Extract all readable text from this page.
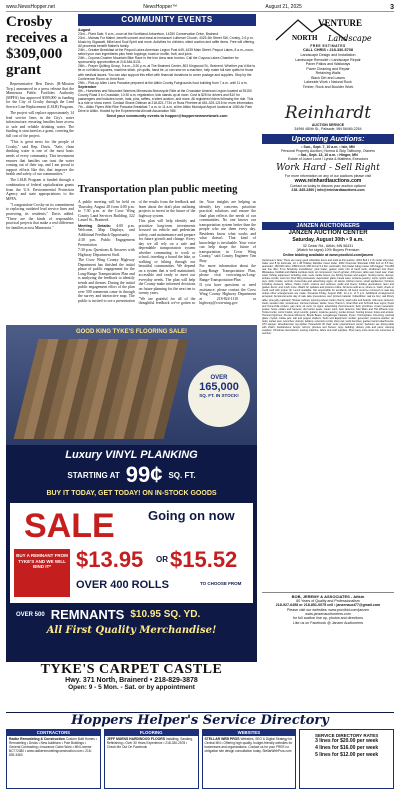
www.NewsHopper.net	NewsHopper™	August 21, 2025	3
Crosby receives a $309,000 grant

Representative Ben Davis (R-Mission Twp.) announced in a press release that the Minnesota Public Facilities Authority (MPFA) has approved $309,000 in funding for the City of Crosby through the Lead Service Line Replacement (LSLR) Program.

The project will replace approximately 14 lead service lines in the City's water infrastructure, ensuring families have access to safe and reliable drinking water. The funding is structured as a grant, covering the full cost of the project.

"This is great news for the people of Crosby," said Rep. Davis. "Safe, clean drinking water is one of the most basic needs of every community. This investment ensures that families can trust the water coming out of their tap, and I am proud to support efforts like this that improve the health and safety of our communities."

The LSLR Program is funded through a combination of federal capitalization grants from the U.S. Environmental Protection Agency and state appropriations to the MPFA.

"I congratulate Crosby on its commitment to replacing outdated lead service lines and protecting its residents," Davis added. "These are the kinds of responsible, practical projects that make a real difference for families across Minnesota."

COMMUNITY EVENTS
August
23rd – Plant Sale, 9 a.m.–noon at the Northland Arboretum, 14250 Conservation Drive, Brainerd.
23rd – Mamas For Mabel, benefit concert and meal at Immanuel Lutheran Church, 4025 4th Street SW, Crosby, 2-6 p.m. Music by Gigawatt, Mikel and Soul Spirit and more. Activities for children, silent auction and raffle items. Free will offering. All proceeds benefit Mabel's family.
24th – Greater Breakfast at the Pequot Lakes American Legion Post #49, 4435 Main Street, Pequot Lakes, 8 a.m.–noon, select your own ingredients plus fresh toppings, toast or muffin, fruit, and juice.
24th – Cuyuna Crusher Mountain Bike Race in the Iron Area near Ironton. Call the Cuyuna Lakes Chamber for sponsorship opportunities at 218-546-8131.
26th – Prayer Quilting Group, 9 a.m.–3:30 p.m. at The Brainerd Center, 803 Kingwood St., Brainerd. Whether you'd like to tie or cut fabric squares, machine stitch, pin quilts, hand tie, or can sew on a machine, help make full size quilts for those with medical issues. You can also support this effort with financial donations to cover postage and supplies. Stop by the Conference Room on third floor.
29th – Pick-up Allen Lions Pancake prepared at the Aitkin County Fairgrounds food building from 7 a.m. until 11 a.m.
September
6th – Horseless and Wounded Warriors Minnesota Motorcycle Ride at the Crosslake American Legion located at 35150 County Road 3 in Crosslake, 10:30 a.m. registration, kick stands up at noon. Cost is $25 for drivers and $10 for passengers and includes lunch, hats, pins, raffles, a silent auction, and more. All registered riders following the ride. This is a ride or show event. Contact Shane Dittman at 218-821-7734 or Russ Pinetree at 651-329-1215 for more information.
7th – Aitkin Flyers Wild Rice Pancake Breakfast 7 a.m. to 11 a.m. at the Aitkin Municipal Airport located at 1080 Air Park Drive in Aitkin. Hosted by the Experimental Aircraft Association 965.
Send your community events to hopper@hoppernewsnetwork.com
Transportation plan public meeting

A public meeting will be held on Thursday, August 28 from 4:00 p.m. to 7:30 p.m. at the Crow Wing County Land Services Building, 322 Laurel St., Brainerd.

Meeting Details: 4:00 p.m. Welcome, Map Displays, and Additional Feedback Opportunity

4:30 p.m. Public Engagement Presentation

7:30 p.m. Questions & Answers with Highway Department Staff.

The Crow Wing County Highway Department has finished the initial phase of public engagement for the Long-Range Transportation Plan and is analyzing the feedback to identify trends and themes. During the initial public engagement effort of the plan over 500 comments came in through the survey and interactive map. The public is invited to see a presentation of the results from the feedback and learn about the draft plan outlining projects to invest in the future of the highway system.

This plan will help identify and prioritize long-term investments focused on vehicle and pedestrian safety, road maintenance and prepare for future growth and change. Every day we all rely on a safe and dependable transportation system whether commuting to work or school, traveling a board the lake, or walking or biking through our beautiful communities. We depend on a system that is well maintained, accessible and ready to meet our everyday needs. The plan will help the County make informed decisions on future planning for the next ten to twenty years.

"We are grateful for all of the thoughtful feedback we've gotten so far. Your insights are helping us identify key concerns, prioritize practical solutions and ensure the final plan reflects the needs of our communities. No one knows our transportation system better than the people who use them every day. Residents know what works and what doesn't. That kind of knowledge is invaluable. Your voice can help shape the future of transportation in Crow Wing County," said County Engineer Tim Bray.

For more information about the Long-Range Transportation Plan, please visit crowwing.us/Long-Range-Transportation-Plan

If you have questions or need assistance, please contact the Crow Wing County Highway Department at 218-824-1110 or highway@crowwing.gov

VENTURE
NORTH Landscape
FREE ESTIMATES
CALL CHRIS • 218-330-5708
Landscape Design and Installation
Landscape Remodel • Landscape Repair
Paver Patios and Walkways
Paver Cleaning and Repair
Retaining Walls
Black Dirt and Lawns
Lakeside Work • Natural Rock
Timber, Rock and Boulder Work
Reinhardt
AUCTION SERVICE
34996 480th St., Palisade, MN 56469-2254
Upcoming Auctions:
• Sun., Sept. 7, 10 a.m. • Isle, MN
Personal Property Auction | Norma & Skip Tallbump, Owners
• Sat., Sept. 13, 10 a.m. • Hinger, MN
Estate of Joann Lund / Lynda & Matthew, Executors
Work Hard - Sell Right
For more information on any of our auctions please visit
www.reinhardtauctions.com
Contact us today to discuss your auction options!
218- 845-2360 | info@reinhardtauctions.com
JANZEN AUCTIONEERS
JANZEN AUCTION CENTER
Saturday, August 30th • 9 a.m.
32 Cedar Rd., Aitkin, MN 56431
(Watch for signs) 10% Buyers Premium
Online bidding available at www.proxibid.com/janzen
Auctioneer's Note: There are many good collectible items and tools at this auction. 2016 Bull 1 2 ch cedar strip boat, trailer and 8 hp Evinrude, 42 x 48 Holiday Rambler travel trailer, 2002 Chevrolet Silverado 1500 4x4 w/ 5.3 liter, automatic, 150,000 miles; 1999 Ford F-150 4x4 w/ 5.4 liter, automatic; Cub Cadet riding mower with bagger; Troy-Bilt rear tine tiller; 8 hp Simplicity snowblower; yard trailer; garden tools; lots of hand tools; Craftsman tool chest; Milwaukee, DeWalt and Makita cordless tools; air compressor; bench grinder; drill press; table saw; band saw; chain saws; fishing equipment including rods, reels, tackle boxes, ice fishing houses and augers; hunting items; decoys; antique crocks; cast iron; Red Wing stoneware; depression glass; Fiesta ware; costume jewelry; coins; sports cards; toys; dolls; books; records; Coca-Cola and advertising signs; oil lamps; kitchen items; small appliances; furniture including dressers, tables, chairs, hutch, rockers and recliners; quilts and linens; holiday decorations; lawn and garden décor; and much more. Watch for updates and pictures online. All items sold as is, where is. Cash, check or credit card with proper ID. Lunch available. Not responsible for accidents. All items must be removed on sale day unless other arrangements are made. Previews Friday, August 29th, 12 p.m. to 5 p.m. Additional consignments accepted. Announcements day of sale take precedence over printed material. Collectibles: oak ice box; oak library table; pine jelly cupboard; Hoosier cabinet; spinning wheel; butter churns; wash tubs and boards; milk cans; lanterns; sleds; wooden skis; snowshoes; minnow buckets; tackle; lures; Hamm's, Grain Belt and Schmidt beer signs; Pepsi and Coca-Cola coolers; gas cans; oil cans; tin signs; advertising thermometers; farm primitives; cream separator; scales; horse collars and harness; old tractor seats; cream cans; barn lanterns; Star Wars and Hot Wheels toys; Tonka trucks; comic books; vinyl records; guitars; costume jewelry; pocket knives; hunting knives; bows and arrows; Hummel figurines; Precious Moments; Boyds Bears; Longaberger baskets; Pyrex; Corningware; Fire-King; carnival glass; crystal; cookie jars; salt and pepper shakers. Tools and Equipment: welder; generator; pressure washer; air tools; socket sets; wrenches; clamps; ladders; extension cords; shop vac; work benches; garden tractor attachments; ATV sprayer; wheelbarrows; log splitter. Household: lift chair; sofa; entertainment center; bedroom set; dining table with chairs; bookshelves; lamps; mirrors; pictures and frames; rugs; bedding; dishes; pots and pans; canning supplies; Christmas decorations; sewing machine; fabric and craft supplies. Plus many more items too numerous to mention.
BOB, JEREMY & ASSOCIATES - Aitkin
80 Years of Quality and Professionalism
218-927-6458 or 218-851-0075 cell • janzenauct77@gmail.com
Please visit our websites: www.proxibid.com/janzen
www.janzenauctioneers.com
for full auction line up, photos and directions
Like us on Facebook @ Janzen Auctioneers
GOOD KING TYKE'S FLOORING SALE!
OVER
165,000
SQ. FT. IN STOCK!
Luxury VINYL PLANKING
STARTING AT 99¢ SQ. FT.
BUY IT TODAY, GET TODAY! ON IN-STOCK GOODS
SALE	Going on now
BUY A REMNANT FROM TYKE'S AND WE WILL BIND IT*	$13.95 OR $15.52
OVER 400 ROLLS	TO CHOOSE FROM
OVER 500 REMNANTS $10.95 SQ. YD.
All First Quality Merchandise!
TYKE'S CARPET CASTLE
Hwy. 371 North, Brainerd • 218-829-3878
Open: 9 - 5 Mon. - Sat. or by appointment
Hoppers Helper's Service Directory
CONTRACTORS
Radke Remodeling & Construction Custom Built Homes • Remodeling • Decks • New Additions • Pole Buildings • General Contracting • Insurance Claim Work • MN License BC772380 • www.radkeremodelingconstruction.com • 218-839-3483
FLOORING
JEFF MUENS HARDWOOD FLOORS Installing, Sanding, Refinishing • Over 30 Years Experience • 218-330-2578 • Check Me Out On Facebook
WEBSITES
STELLAR WEB PROS Websites, SEO & Digital Strategy for Central MN • Offering high quality, budget-friendly websites for businesses and organizations. Contact us for your FREE no obligation site design consultation today. StellarWebPros.com
SERVICE DIRECTORY RATES
3 lines for $20.00 per week
4 lines for $16.00 per week
5 lines for $12.00 per week
